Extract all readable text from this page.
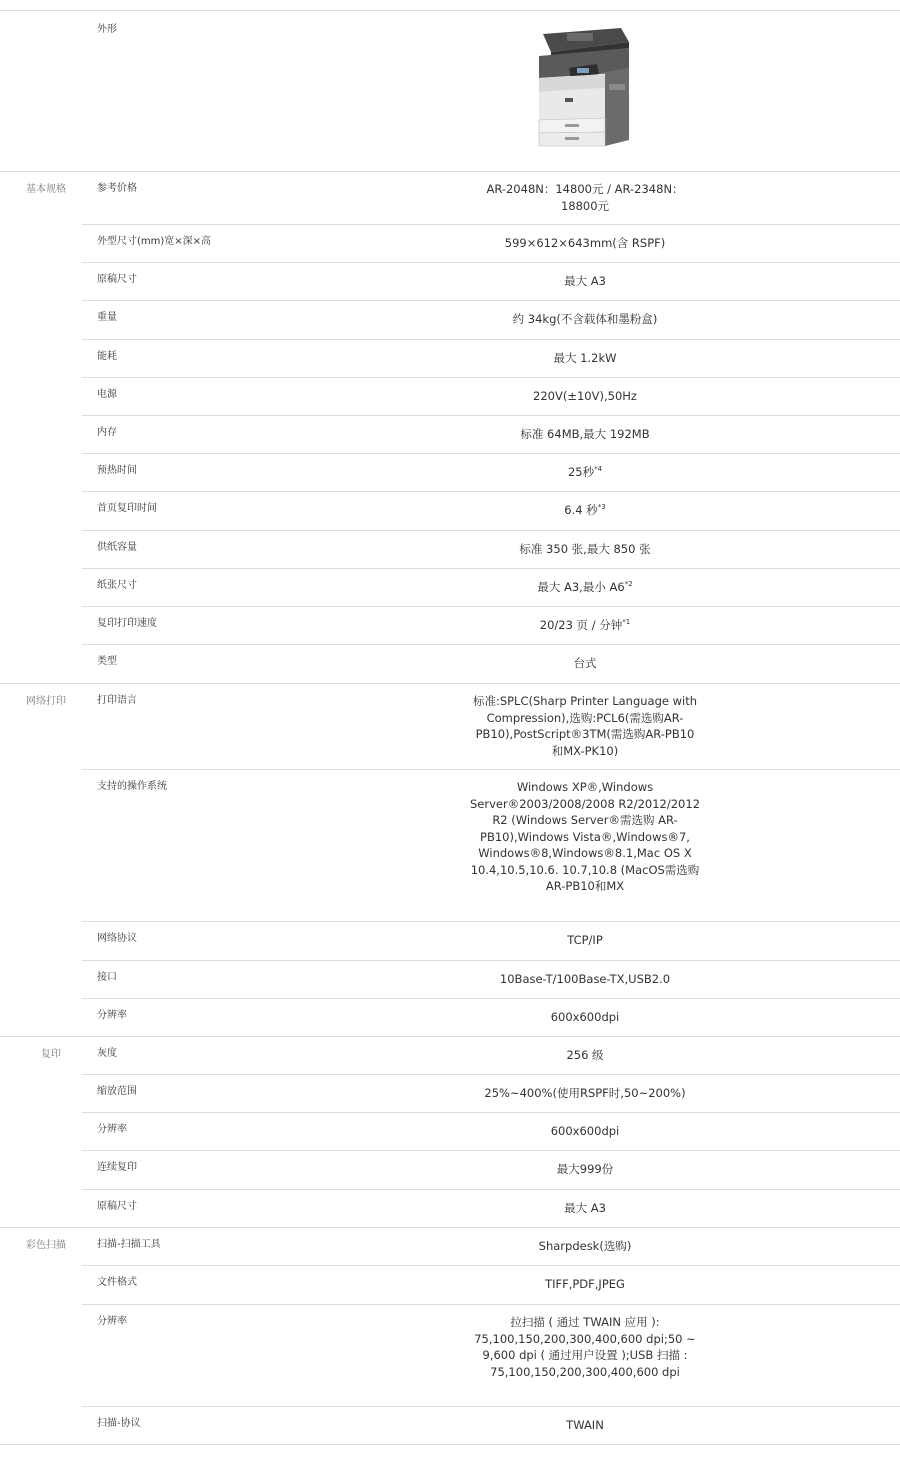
外形
基本规格	参考价格	AR-2048N：14800元 / AR-2348N：18800元
外型尺寸(mm)宽×深×高	599×612×643mm(含 RSPF)
原稿尺寸	最大 A3
重量	约 34kg(不含载体和墨粉盒)
能耗	最大 1.2kW
电源	220V(±10V),50Hz
内存	标准 64MB,最大 192MB
预热时间	25秒$^{*4}$
首页复印时间	6.4 秒$^{*3}$
供纸容量	标准 350 张,最大 850 张
纸张尺寸	最大 A3,最小 A6$^{*2}$
复印打印速度	20/23 页 / 分钟$^{*1}$
类型	台式
网络打印	打印语言	标准:SPLC(Sharp Printer Language with Compression),选购:PCL6(需选购AR-PB10),PostScript®3TM(需选购AR-PB10和MX-PK10)
支持的操作系统	Windows XP®,Windows Server®2003/2008/2008 R2/2012/2012 R2 (Windows Server®需选购 AR-PB10),Windows Vista®,Windows®7, Windows®8,Windows®8.1,Mac OS X 10.4,10.5,10.6. 10.7,10.8 (MacOS需选购AR-PB10和MX
网络协议	TCP/IP
接口	10Base-T/100Base-TX,USB2.0
分辨率	600x600dpi
复印	灰度	256 级
缩放范围	25%~400%(使用RSPF时,50~200%)
分辨率	600x600dpi
连续复印	最大999份
原稿尺寸	最大 A3
彩色扫描	扫描-扫描工具	Sharpdesk(选购)
文件格式	TIFF,PDF,JPEG
分辨率	拉扫描 ( 通过 TWAIN 应用 ): 75,100,150,200,300,400,600 dpi;50 ~ 9,600 dpi ( 通过用户设置 );USB 扫描 : 75,100,150,200,300,400,600 dpi
扫描-协议	TWAIN
